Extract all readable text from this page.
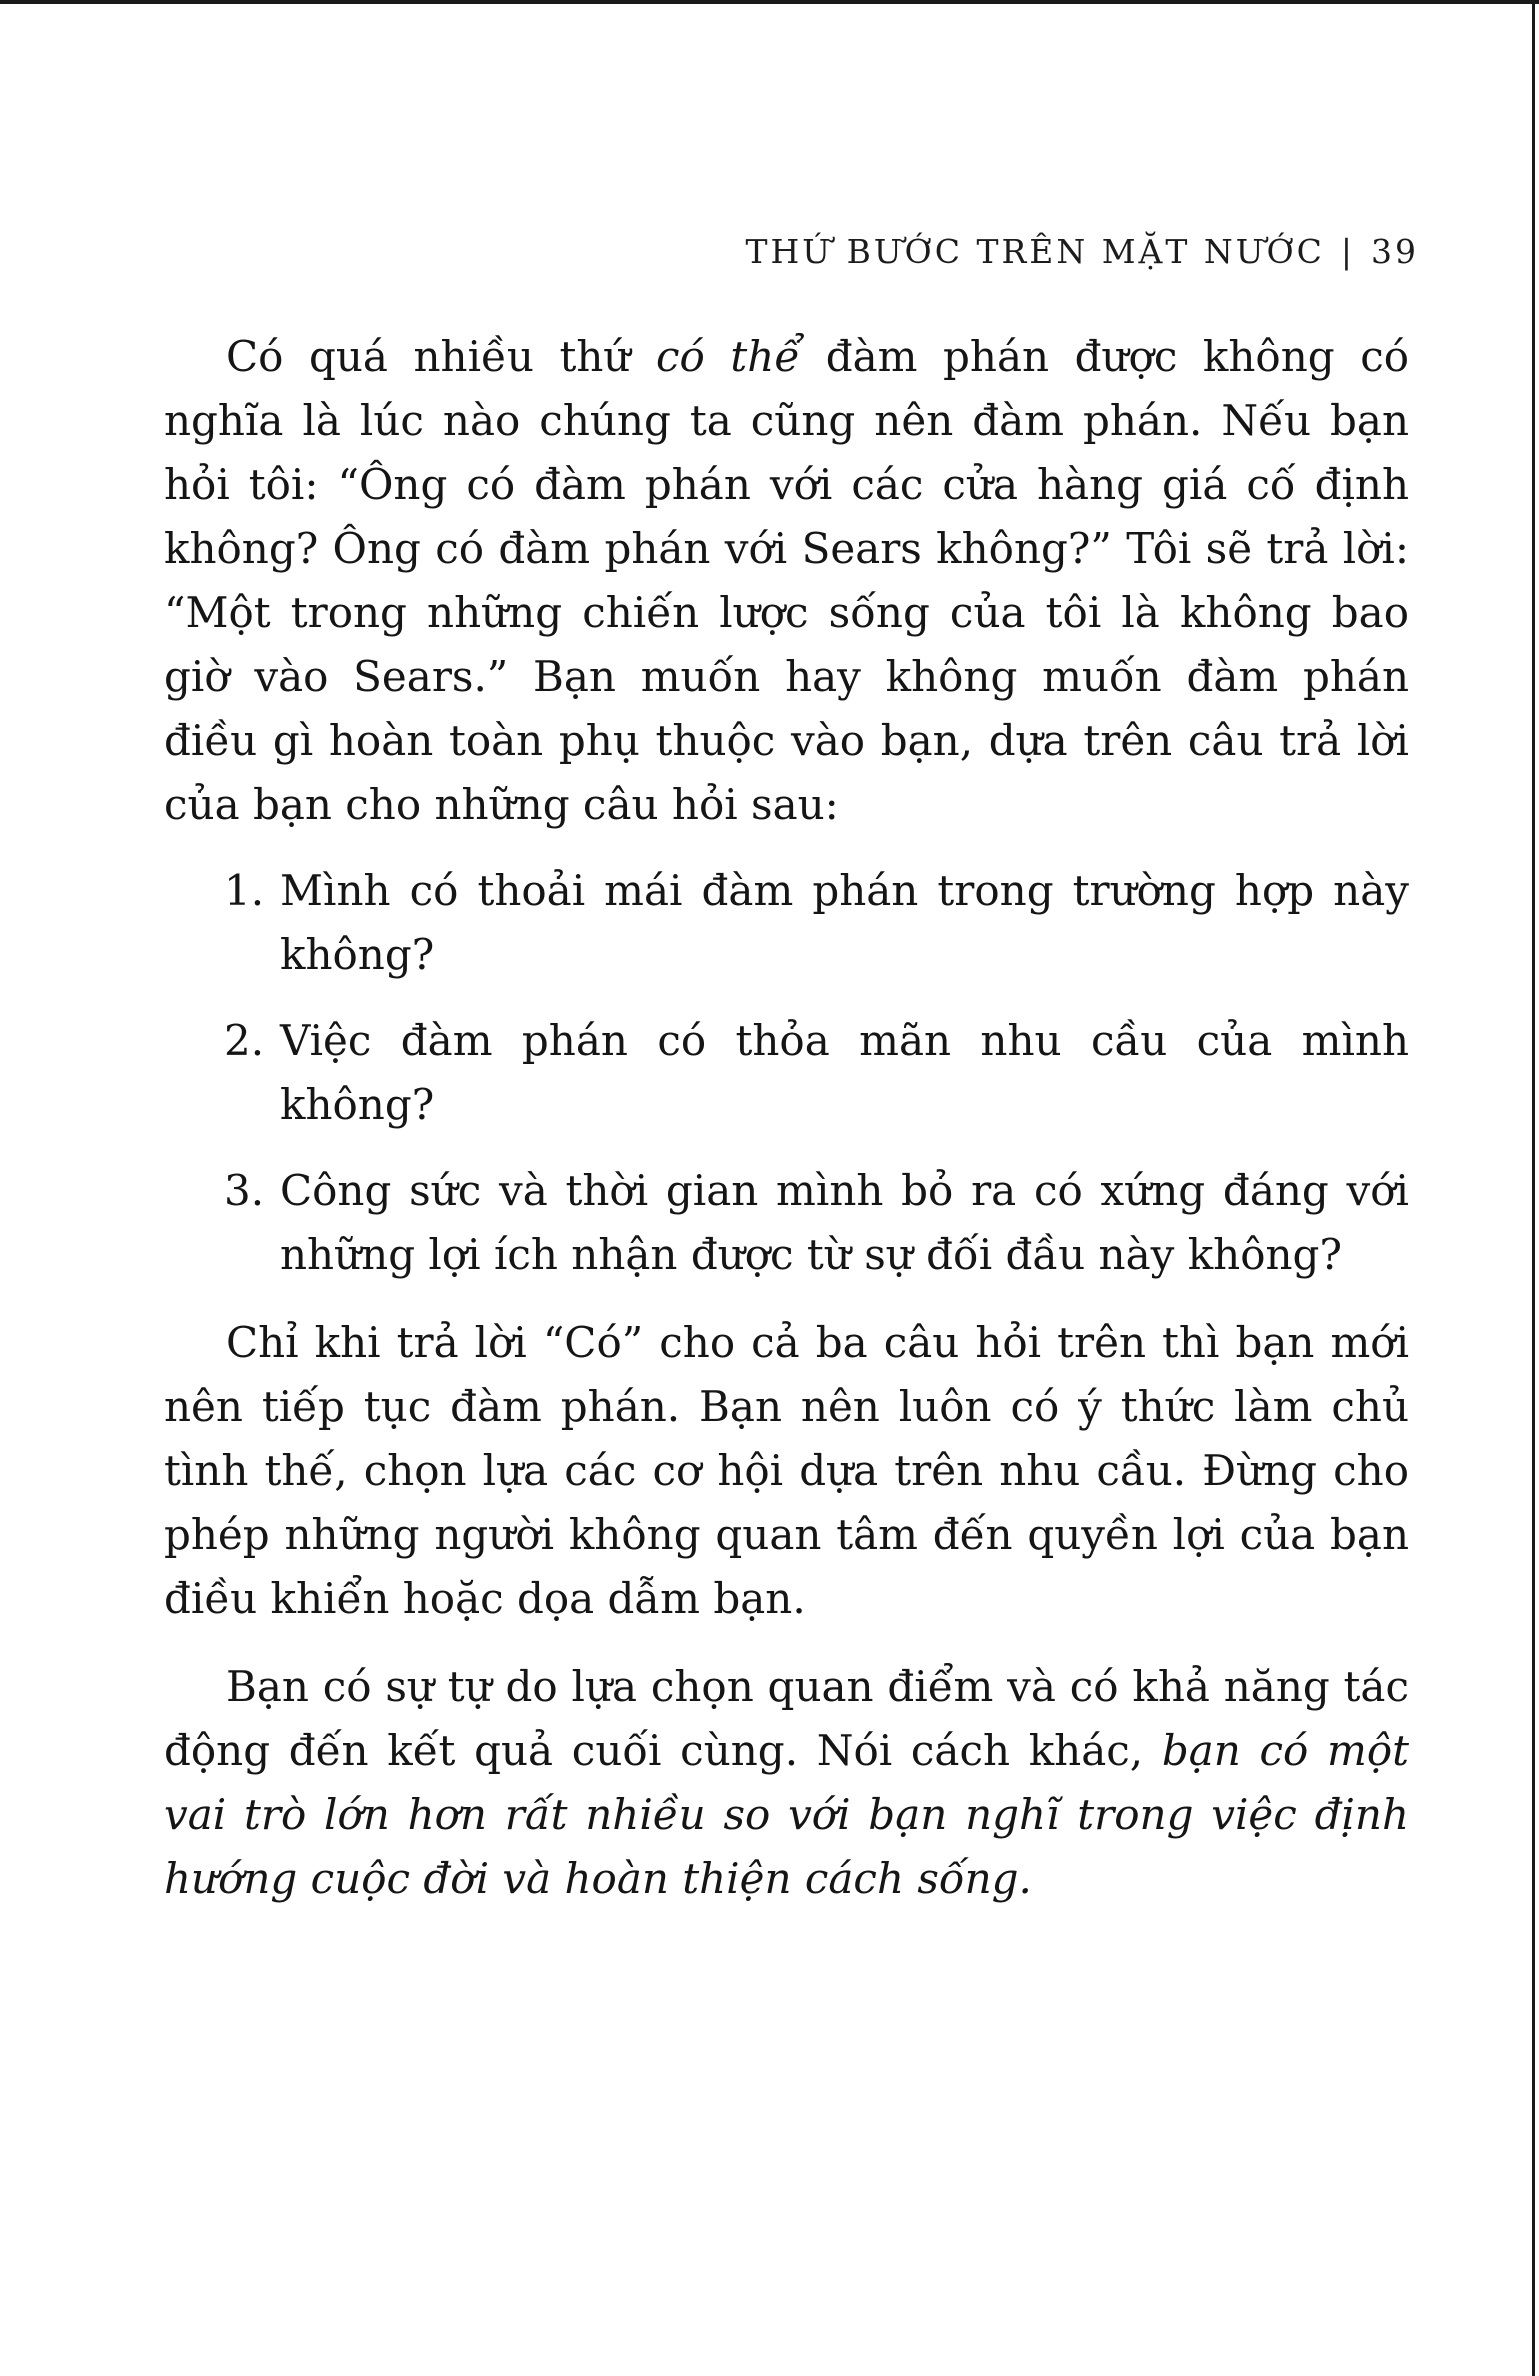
THỨ BƯỚC TRÊN MẶT NƯỚC | 39

Có quá nhiều thứ có thể đàm phán được không có nghĩa là lúc nào chúng ta cũng nên đàm phán. Nếu bạn hỏi tôi: “Ông có đàm phán với các cửa hàng giá cố định không? Ông có đàm phán với Sears không?” Tôi sẽ trả lời: “Một trong những chiến lược sống của tôi là không bao giờ vào Sears.” Bạn muốn hay không muốn đàm phán điều gì hoàn toàn phụ thuộc vào bạn, dựa trên câu trả lời của bạn cho những câu hỏi sau:

1. Mình có thoải mái đàm phán trong trường hợp này không?
2. Việc đàm phán có thỏa mãn nhu cầu của mình không?
3. Công sức và thời gian mình bỏ ra có xứng đáng với những lợi ích nhận được từ sự đối đầu này không?

Chỉ khi trả lời “Có” cho cả ba câu hỏi trên thì bạn mới nên tiếp tục đàm phán. Bạn nên luôn có ý thức làm chủ tình thế, chọn lựa các cơ hội dựa trên nhu cầu. Đừng cho phép những người không quan tâm đến quyền lợi của bạn điều khiển hoặc dọa dẫm bạn.

Bạn có sự tự do lựa chọn quan điểm và có khả năng tác động đến kết quả cuối cùng. Nói cách khác, bạn có một vai trò lớn hơn rất nhiều so với bạn nghĩ trong việc định hướng cuộc đời và hoàn thiện cách sống.
